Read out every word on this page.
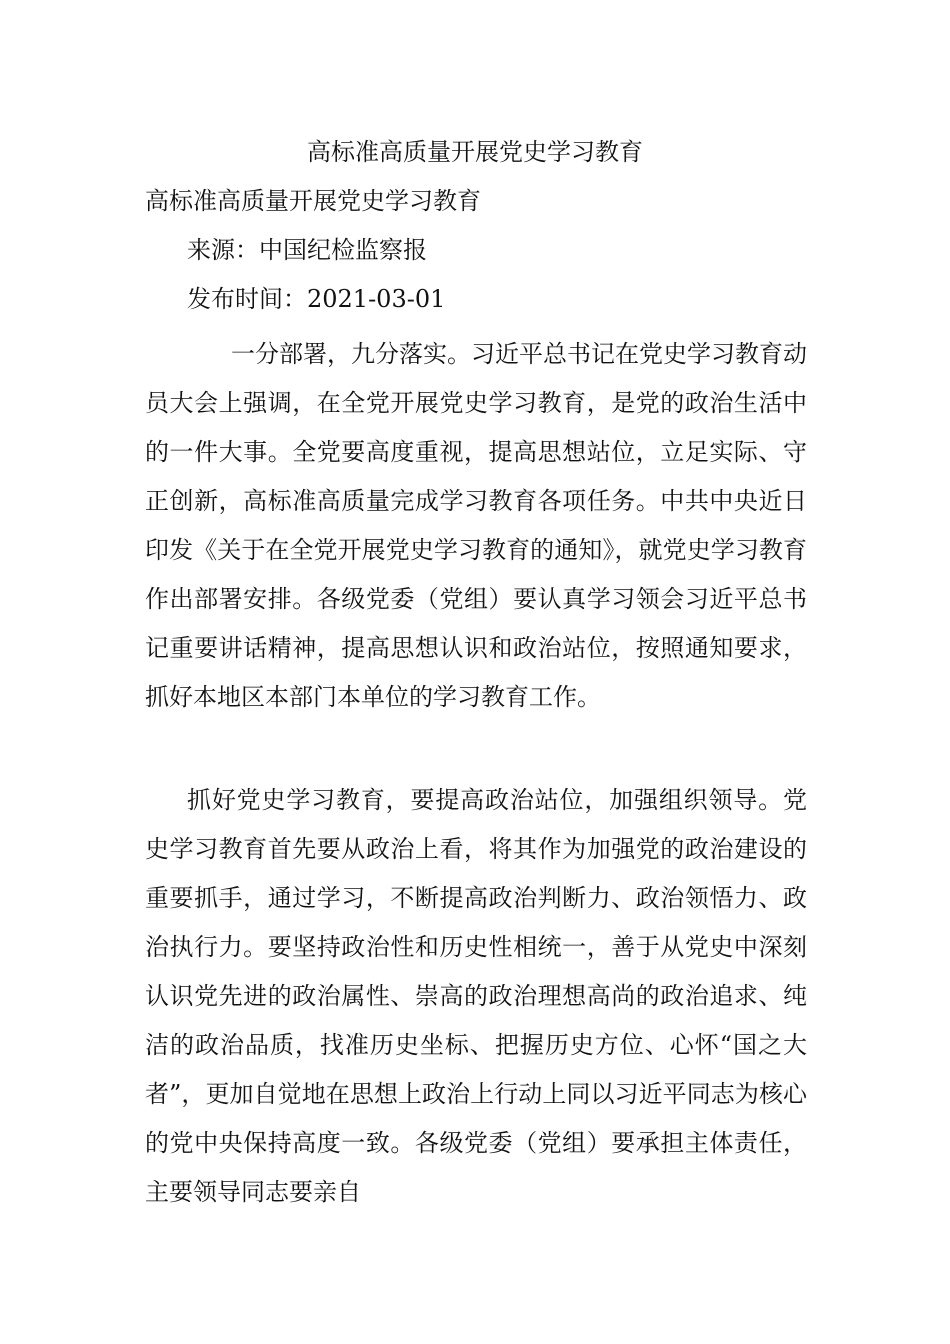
高标准高质量开展党史学习教育
高标准高质量开展党史学习教育
来源：中国纪检监察报
发布时间：2021-03-01
一分部署，九分落实。习近平总书记在党史学习教育动员大会上强调，在全党开展党史学习教育，是党的政治生活中的一件大事。全党要高度重视，提高思想站位，立足实际、守正创新，高标准高质量完成学习教育各项任务。中共中央近日印发《关于在全党开展党史学习教育的通知》，就党史学习教育作出部署安排。各级党委（党组）要认真学习领会习近平总书记重要讲话精神，提高思想认识和政治站位，按照通知要求，抓好本地区本部门本单位的学习教育工作。
抓好党史学习教育，要提高政治站位，加强组织领导。党史学习教育首先要从政治上看，将其作为加强党的政治建设的重要抓手，通过学习，不断提高政治判断力、政治领悟力、政治执行力。要坚持政治性和历史性相统一，善于从党史中深刻认识党先进的政治属性、崇高的政治理想高尚的政治追求、纯洁的政治品质，找准历史坐标、把握历史方位、心怀“国之大者”，更加自觉地在思想上政治上行动上同以习近平同志为核心的党中央保持高度一致。各级党委（党组）要承担主体责任，主要领导同志要亲自
